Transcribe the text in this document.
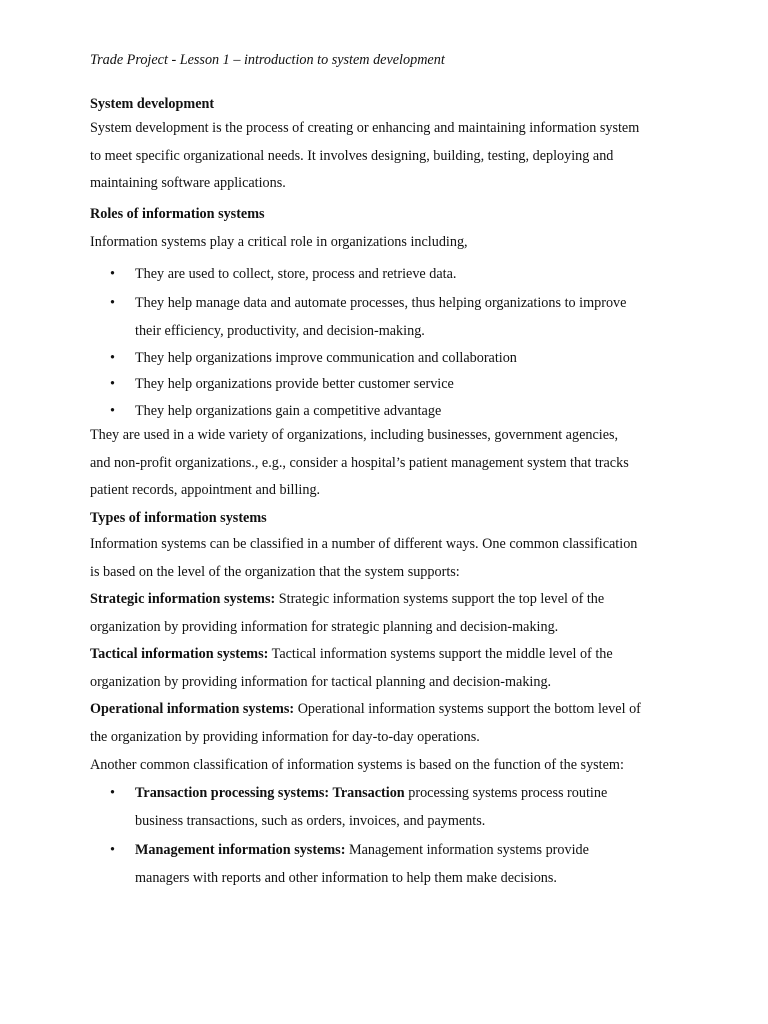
Trade Project - Lesson 1 – introduction to system development
System development
System development is the process of creating or enhancing and maintaining information system
to meet specific organizational needs. It involves designing, building, testing, deploying and
maintaining software applications.
Roles of information systems
Information systems play a critical role in organizations including,
• They are used to collect, store, process and retrieve data.
• They help manage data and automate processes, thus helping organizations to improve
their efficiency, productivity, and decision-making.
• They help organizations improve communication and collaboration
• They help organizations provide better customer service
• They help organizations gain a competitive advantage
They are used in a wide variety of organizations, including businesses, government agencies,
and non-profit organizations., e.g., consider a hospital’s patient management system that tracks
patient records, appointment and billing.
Types of information systems
Information systems can be classified in a number of different ways. One common classification
is based on the level of the organization that the system supports:
Strategic information systems: Strategic information systems support the top level of the
organization by providing information for strategic planning and decision-making.
Tactical information systems: Tactical information systems support the middle level of the
organization by providing information for tactical planning and decision-making.
Operational information systems: Operational information systems support the bottom level of
the organization by providing information for day-to-day operations.
Another common classification of information systems is based on the function of the system:
• Transaction processing systems: Transaction processing systems process routine
business transactions, such as orders, invoices, and payments.
• Management information systems: Management information systems provide
managers with reports and other information to help them make decisions.
